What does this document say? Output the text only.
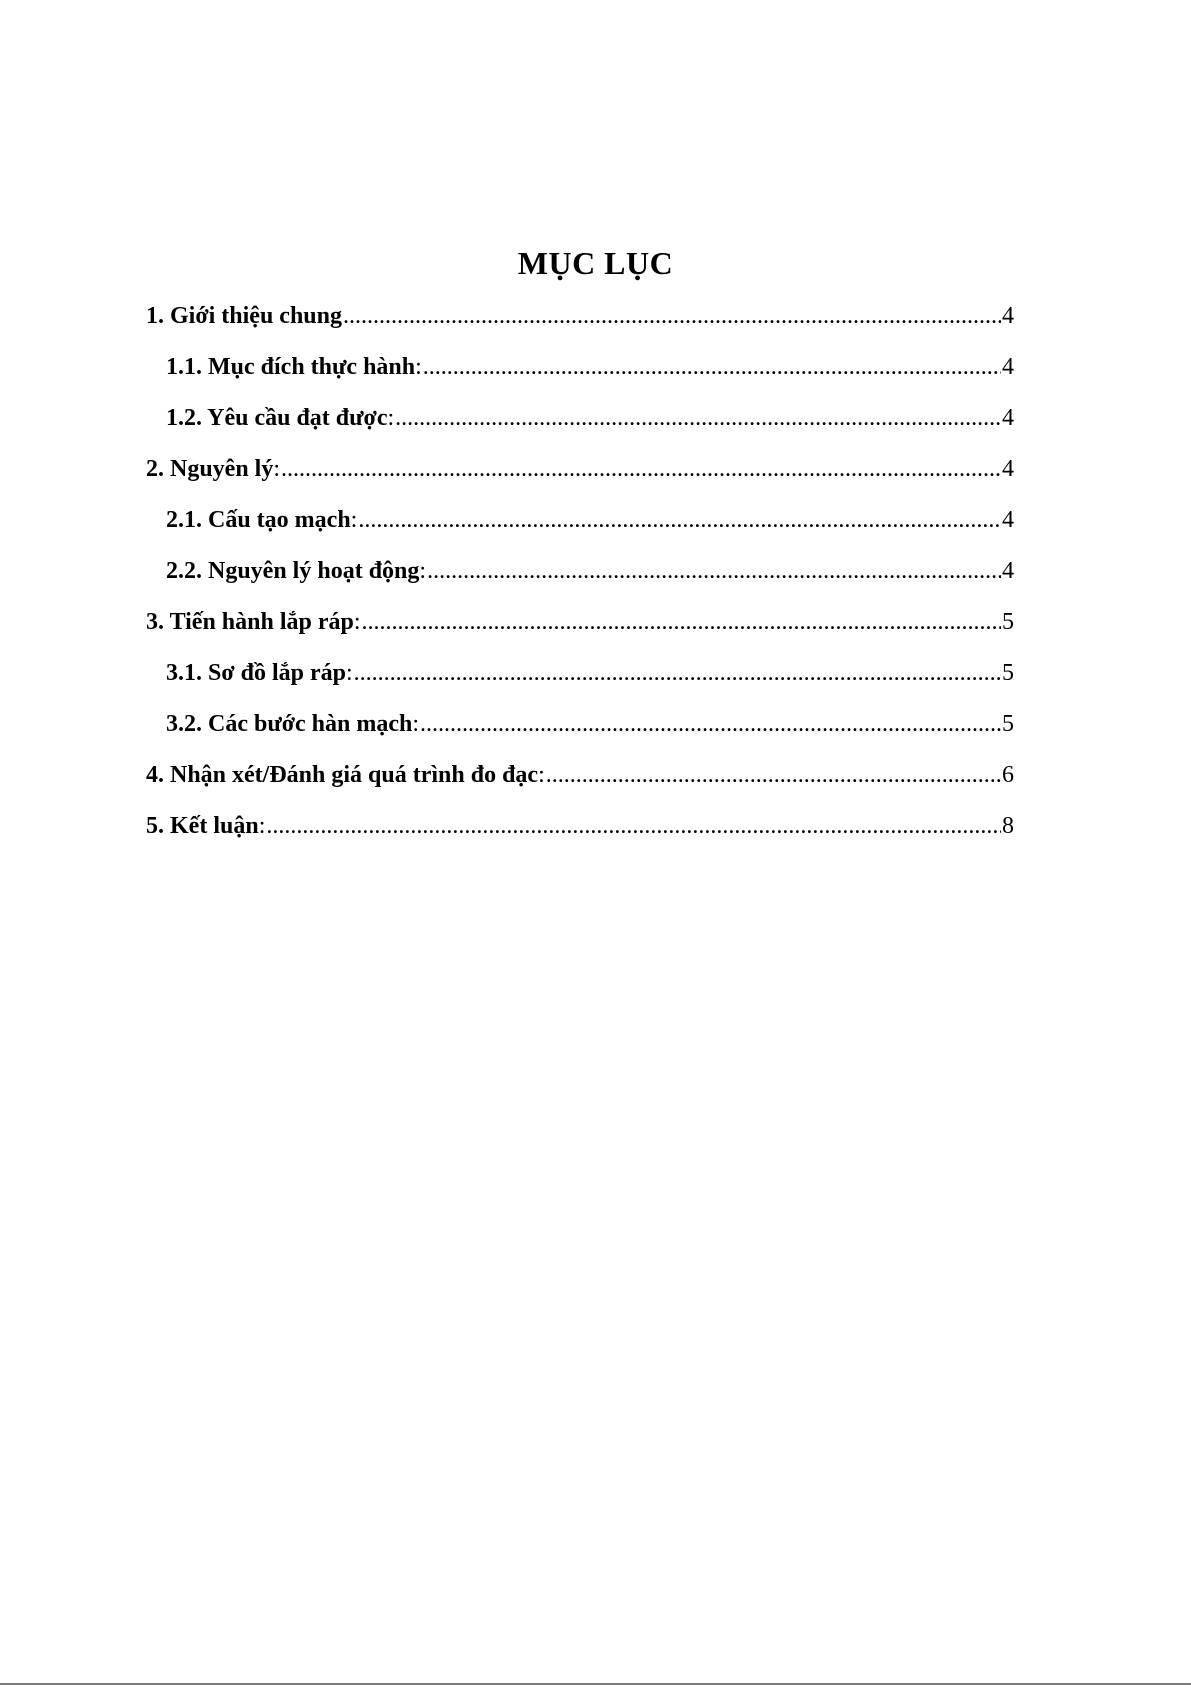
MỤC LỤC
1. Giới thiệu chung .....	4
1.1. Mục đích thực hành : .....	4
1.2. Yêu cầu đạt được : .....	4
2. Nguyên lý : .....	4
2.1. Cấu tạo mạch : .....	4
2.2. Nguyên lý hoạt động : .....	4
3. Tiến hành lắp ráp : .....	5
3.1. Sơ đồ lắp ráp : .....	5
3.2. Các bước hàn mạch : .....	5
4. Nhận xét/Đánh giá quá trình đo đạc : .....	6
5. Kết luận : .....	8
